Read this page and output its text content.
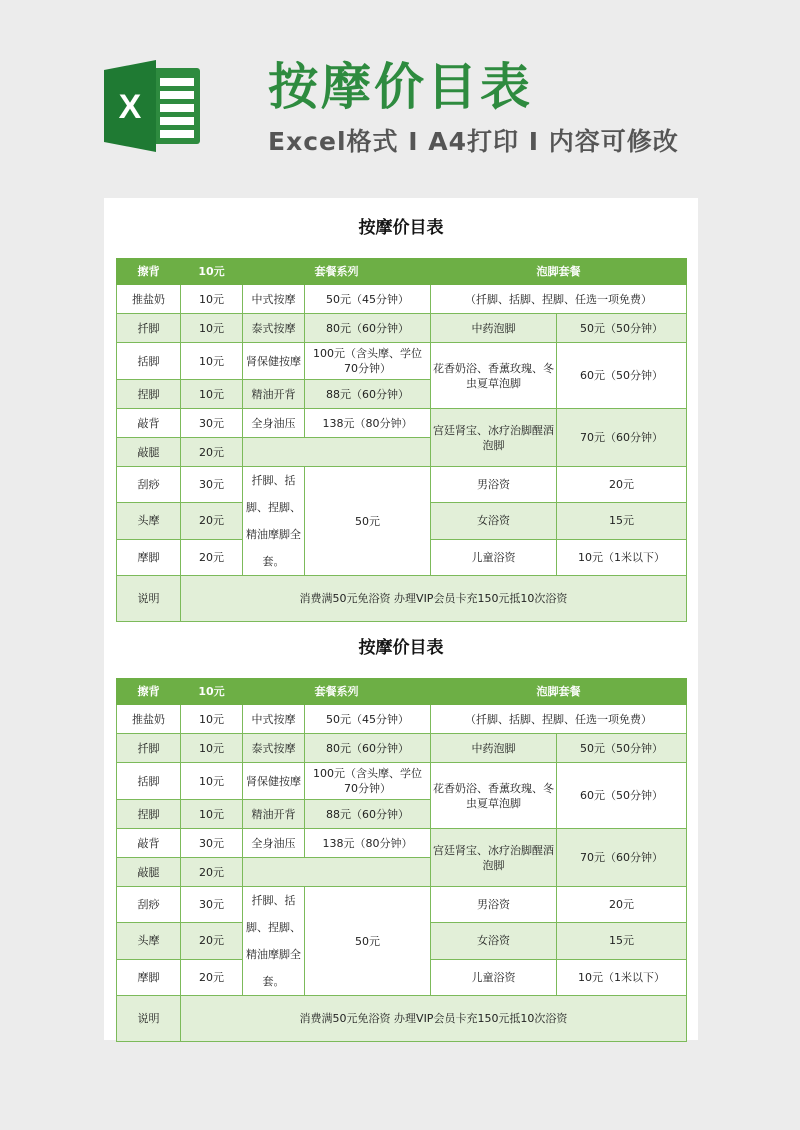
X	按摩价目表
Excel格式 I A4打印 I 内容可修改
按摩价目表
擦背	10元	套餐系列		泡脚套餐	
推盐奶	10元	中式按摩	50元（45分钟）	（扦脚、括脚、捏脚、任选一项免费）	
扦脚	10元	泰式按摩	80元（60分钟）	中药泡脚	50元（50分钟）
括脚	10元	肾保健按摩	100元（含头摩、学位70分钟）	花香奶浴、香薰玫瑰、冬虫夏草泡脚	60元（50分钟）
捏脚	10元	精油开背	88元（60分钟）		
敲背	30元	全身油压	138元（80分钟）	宫廷肾宝、冰疗治脚醒酒泡脚	70元（60分钟）
敲腿	20元				
刮痧	30元	扦脚、括脚、捏脚、精油摩脚全套。	50元	男浴资	20元
头摩	20元			女浴资	15元
摩脚	20元			儿童浴资	10元（1米以下）
说明	消费满50元免浴资 办理VIP会员卡充150元抵10次浴资				
按摩价目表
擦背	10元	套餐系列		泡脚套餐	
推盐奶	10元	中式按摩	50元（45分钟）	（扦脚、括脚、捏脚、任选一项免费）	
扦脚	10元	泰式按摩	80元（60分钟）	中药泡脚	50元（50分钟）
括脚	10元	肾保健按摩	100元（含头摩、学位70分钟）	花香奶浴、香薰玫瑰、冬虫夏草泡脚	60元（50分钟）
捏脚	10元	精油开背	88元（60分钟）		
敲背	30元	全身油压	138元（80分钟）	宫廷肾宝、冰疗治脚醒酒泡脚	70元（60分钟）
敲腿	20元				
刮痧	30元	扦脚、括脚、捏脚、精油摩脚全套。	50元	男浴资	20元
头摩	20元			女浴资	15元
摩脚	20元			儿童浴资	10元（1米以下）
说明	消费满50元免浴资 办理VIP会员卡充150元抵10次浴资				
